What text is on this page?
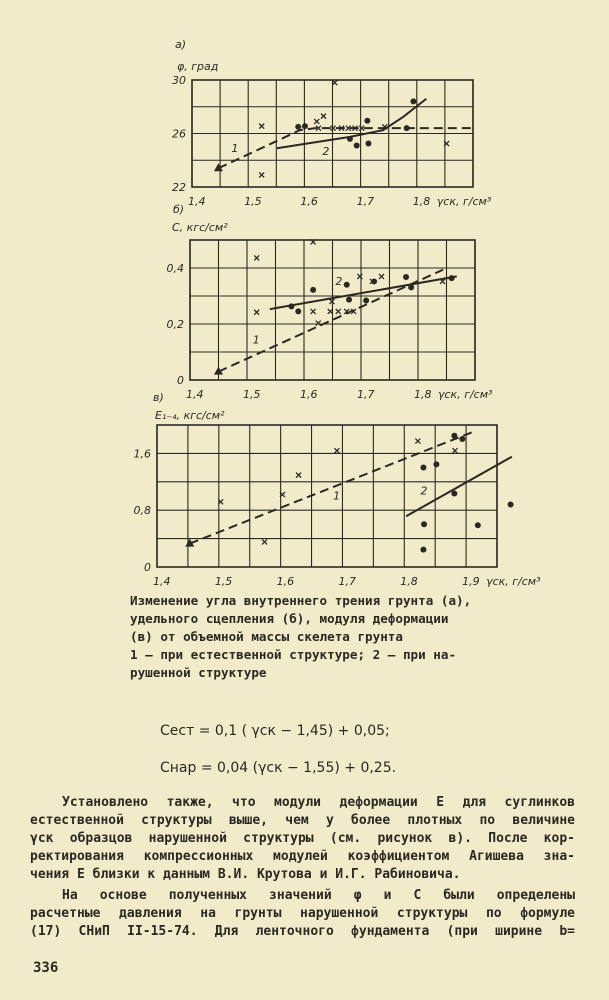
а)
φ, град
γск, г/см³
1,4	1,5	1,6	1,7	1,8
30
26
22
1	2
б)
C, кгс/см²
γск, г/см³
1,4	1,5	1,6	1,7	1,8
0,4
0,2
0
1
2
в)
E₁₋₄, кгс/см²
γск, г/см³
1,4	1,5	1,6	1,7	1,8	1,9
1,6
0,8
0
1	2
Изменение угла внутреннего трения грунта (а),
удельного сцепления (б), модуля деформации
(в) от объемной массы скелета грунта
1 – при естественной структуре; 2 – при на-
рушенной структуре
Cест = 0,1 ( γск − 1,45) + 0,05;
Cнар = 0,04 (γск − 1,55) + 0,25.
Установлено также, что модули деформации E для суглинков
естественной структуры выше, чем у более плотных по величине
γск образцов нарушенной структуры (см. рисунок в). После кор-
ректирования компрессионных модулей коэффициентом Агишева зна-
чения E близки к данным В.И. Крутова и И.Г. Рабиновича.
На основе полученных значений φ и C были определены
расчетные давления на грунты нарушенной структуры по формуле
(17) СНиП II-15-74. Для ленточного фундамента (при ширине b=
336
